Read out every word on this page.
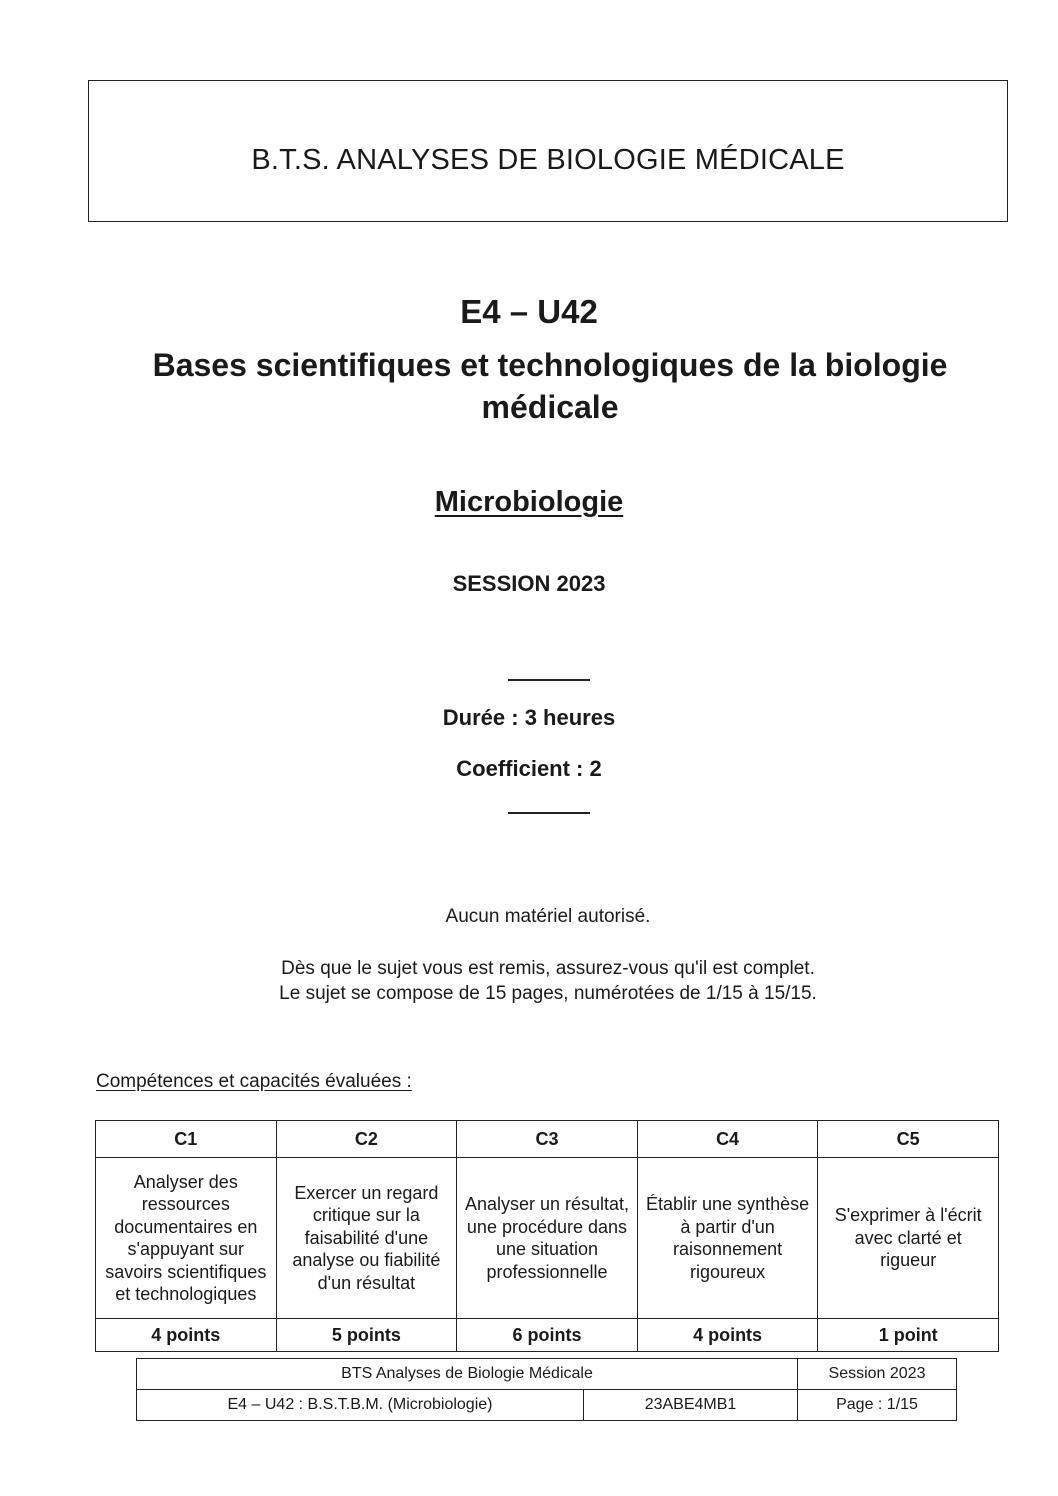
B.T.S. ANALYSES DE BIOLOGIE MÉDICALE
E4 – U42
Bases scientifiques et technologiques de la biologie médicale
Microbiologie
SESSION 2023
Durée : 3 heures
Coefficient : 2
Aucun matériel autorisé.
Dès que le sujet vous est remis, assurez-vous qu'il est complet.
Le sujet se compose de 15 pages, numérotées de 1/15 à 15/15.
Compétences et capacités évaluées :
C1	C2	C3	C4	C5
Analyser des ressources documentaires en s'appuyant sur savoirs scientifiques et technologiques	Exercer un regard critique sur la faisabilité d'une analyse ou fiabilité d'un résultat	Analyser un résultat, une procédure dans une situation professionnelle	Établir une synthèse à partir d'un raisonnement rigoureux	S'exprimer à l'écrit avec clarté et rigueur
4 points	5 points	6 points	4 points	1 point
BTS Analyses de Biologie Médicale		Session 2023
E4 – U42 : B.S.T.B.M. (Microbiologie)	23ABE4MB1	Page : 1/15
